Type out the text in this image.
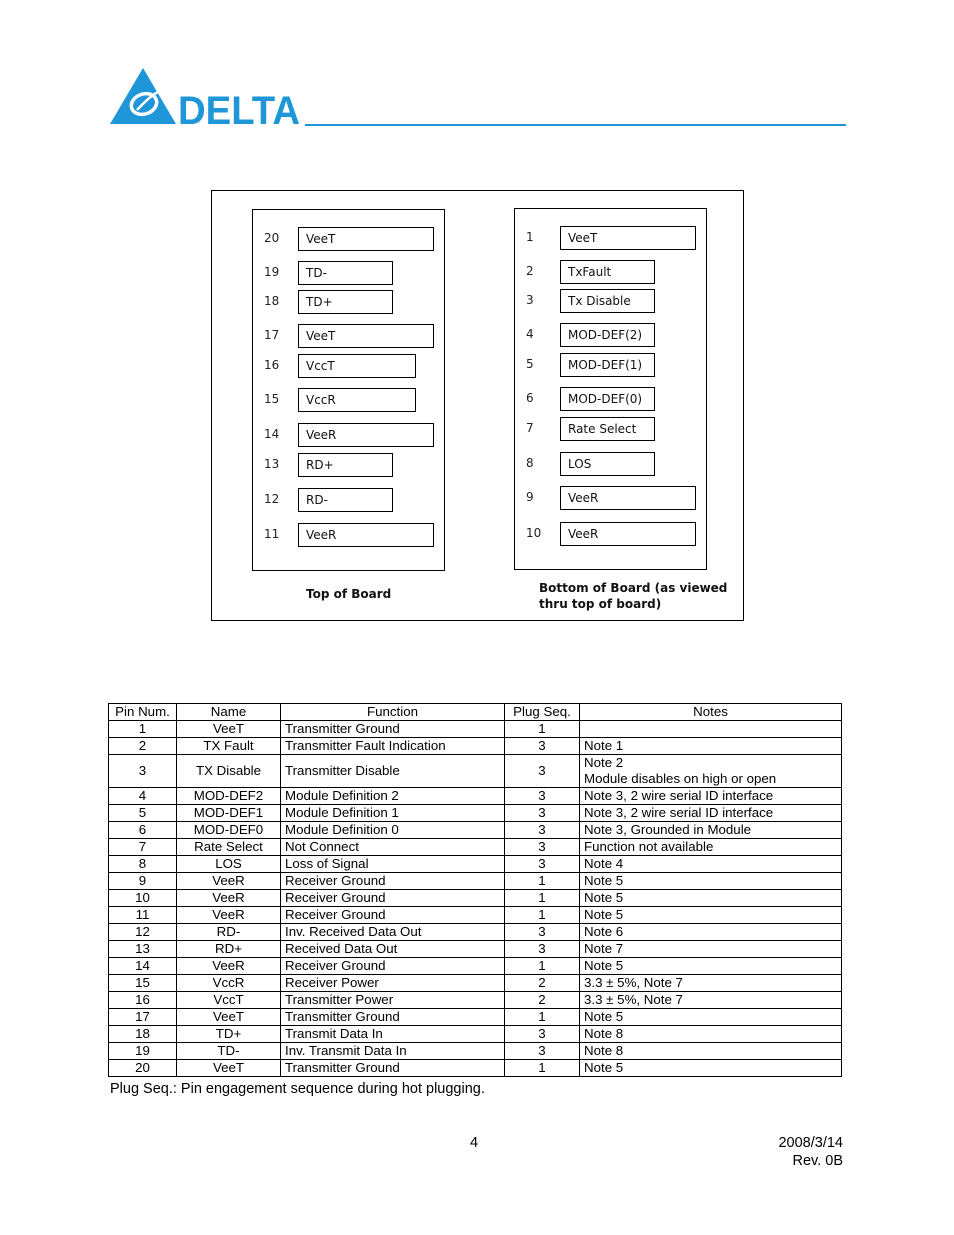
DELTA
Top of Board	Bottom of Board (as viewed
thru top of board)
20	VeeT
19	TD-
18	TD+
17	VeeT
16	VccT
15	VccR
14	VeeR
13	RD+
12	RD-
11	VeeR
1	VeeT
2	TxFault
3	Tx Disable
4	MOD-DEF(2)
5	MOD-DEF(1)
6	MOD-DEF(0)
7	Rate Select
8	LOS
9	VeeR
10	VeeR
Pin Num.	Name	Function	Plug Seq.	Notes
1	VeeT	Transmitter Ground	1	

2	TX Fault	Transmitter Fault Indication	3	Note 1

3	TX Disable	Transmitter Disable	3	Note 2
Module disables on high or open

4	MOD-DEF2	Module Definition 2	3	Note 3, 2 wire serial ID interface

5	MOD-DEF1	Module Definition 1	3	Note 3, 2 wire serial ID interface

6	MOD-DEF0	Module Definition 0	3	Note 3, Grounded in Module

7	Rate Select	Not Connect	3	Function not available

8	LOS	Loss of Signal	3	Note 4

9	VeeR	Receiver Ground	1	Note 5

10	VeeR	Receiver Ground	1	Note 5

11	VeeR	Receiver Ground	1	Note 5

12	RD-	Inv. Received Data Out	3	Note 6

13	RD+	Received Data Out	3	Note 7

14	VeeR	Receiver Ground	1	Note 5

15	VccR	Receiver Power	2	3.3 ± 5%, Note 7

16	VccT	Transmitter Power	2	3.3 ± 5%, Note 7

17	VeeT	Transmitter Ground	1	Note 5

18	TD+	Transmit Data In	3	Note 8

19	TD-	Inv. Transmit Data In	3	Note 8

20	VeeT	Transmitter Ground	1	Note 5
Plug Seq.: Pin engagement sequence during hot plugging.
4	2008/3/14
Rev. 0B
